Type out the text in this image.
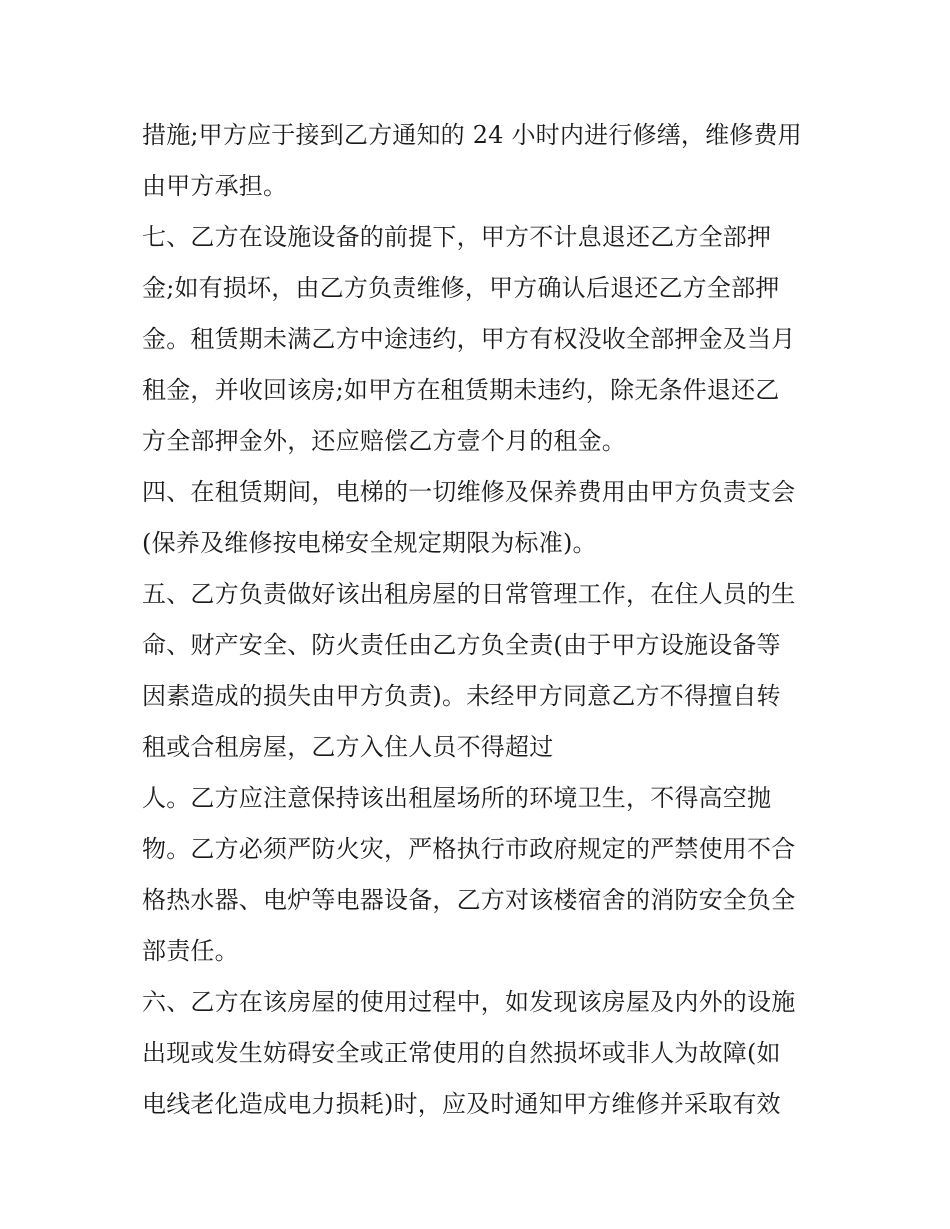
措施;甲方应于接到乙方通知的 24 小时内进行修缮，维修费用
由甲方承担。
七、乙方在设施设备的前提下，甲方不计息退还乙方全部押
金;如有损坏，由乙方负责维修，甲方确认后退还乙方全部押
金。租赁期未满乙方中途违约，甲方有权没收全部押金及当月
租金，并收回该房;如甲方在租赁期未违约，除无条件退还乙
方全部押金外，还应赔偿乙方壹个月的租金。
四、在租赁期间，电梯的一切维修及保养费用由甲方负责支会
(保养及维修按电梯安全规定期限为标准)。
五、乙方负责做好该出租房屋的日常管理工作，在住人员的生
命、财产安全、防火责任由乙方负全责(由于甲方设施设备等
因素造成的损失由甲方负责)。未经甲方同意乙方不得擅自转
租或合租房屋，乙方入住人员不得超过
人。乙方应注意保持该出租屋场所的环境卫生，不得高空抛
物。乙方必须严防火灾，严格执行市政府规定的严禁使用不合
格热水器、电炉等电器设备，乙方对该楼宿舍的消防安全负全
部责任。
六、乙方在该房屋的使用过程中，如发现该房屋及内外的设施
出现或发生妨碍安全或正常使用的自然损坏或非人为故障(如
电线老化造成电力损耗)时，应及时通知甲方维修并采取有效
